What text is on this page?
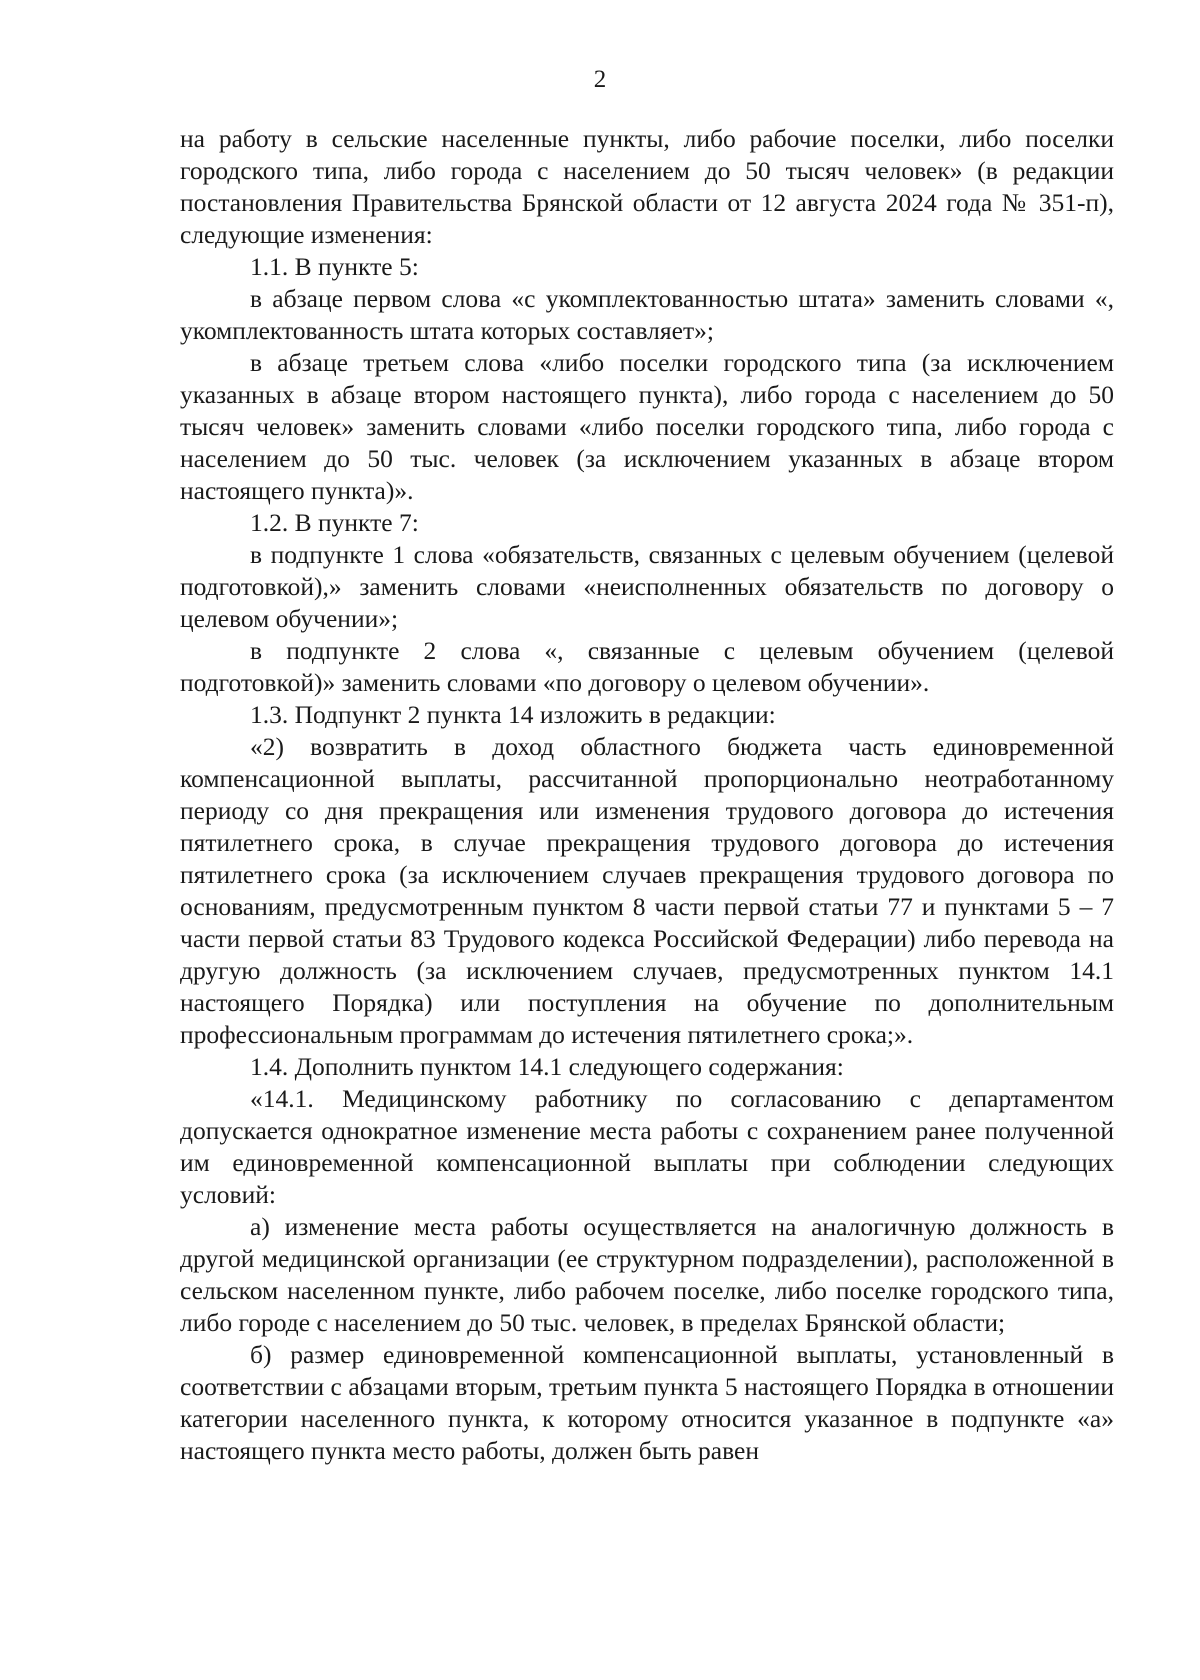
2

на работу в сельские населенные пункты, либо рабочие поселки, либо поселки городского типа, либо города с населением до 50 тысяч человек» (в редакции постановления Правительства Брянской области от 12 августа 2024 года № 351-п), следующие изменения:

1.1. В пункте 5:

в абзаце первом слова «с укомплектованностью штата» заменить словами «, укомплектованность штата которых составляет»;

в абзаце третьем слова «либо поселки городского типа (за исключением указанных в абзаце втором настоящего пункта), либо города с населением до 50 тысяч человек» заменить словами «либо поселки городского типа, либо города с населением до 50 тыс. человек (за исключением указанных в абзаце втором настоящего пункта)».

1.2. В пункте 7:

в подпункте 1 слова «обязательств, связанных с целевым обучением (целевой подготовкой),» заменить словами «неисполненных обязательств по договору о целевом обучении»;

в подпункте 2 слова «, связанные с целевым обучением (целевой подготовкой)» заменить словами «по договору о целевом обучении».

1.3. Подпункт 2 пункта 14 изложить в редакции:

«2) возвратить в доход областного бюджета часть единовременной компенсационной выплаты, рассчитанной пропорционально неотработанному периоду со дня прекращения или изменения трудового договора до истечения пятилетнего срока, в случае прекращения трудового договора до истечения пятилетнего срока (за исключением случаев прекращения трудового договора по основаниям, предусмотренным пунктом 8 части первой статьи 77 и пунктами 5 – 7 части первой статьи 83 Трудового кодекса Российской Федерации) либо перевода на другую должность (за исключением случаев, предусмотренных пунктом 14.1 настоящего Порядка) или поступления на обучение по дополнительным профессиональным программам до истечения пятилетнего срока;».

1.4. Дополнить пунктом 14.1 следующего содержания:

«14.1. Медицинскому работнику по согласованию с департаментом допускается однократное изменение места работы с сохранением ранее полученной им единовременной компенсационной выплаты при соблюдении следующих условий:

а) изменение места работы осуществляется на аналогичную должность в другой медицинской организации (ее структурном подразделении), расположенной в сельском населенном пункте, либо рабочем поселке, либо поселке городского типа, либо городе с населением до 50 тыс. человек, в пределах Брянской области;

б) размер единовременной компенсационной выплаты, установленный в соответствии с абзацами вторым, третьим пункта 5 настоящего Порядка в отношении категории населенного пункта, к которому относится указанное в подпункте «а» настоящего пункта место работы, должен быть равен
